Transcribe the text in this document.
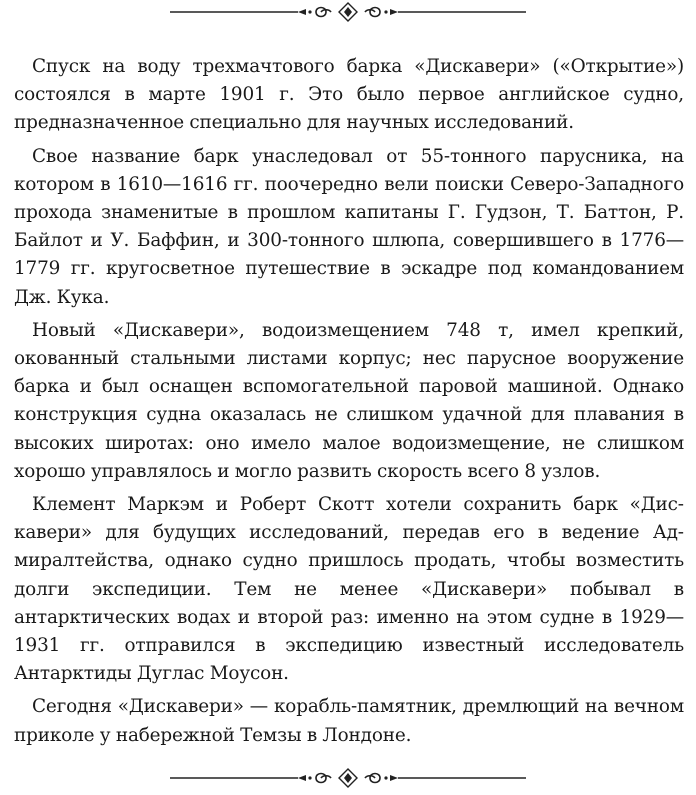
Спуск на воду трехмачтового барка «Дискавери» («Открытие») состоялся в марте 1901 г. Это было первое английское судно, предназначенное специально для научных исследований.

Свое название барк унаследовал от 55-тонного парусника, на котором в 1610—1616 гг. поочередно вели поиски Северо-Западного прохода знаменитые в прошлом капитаны Г. Гудзон, Т. Баттон, Р. Байлот и У. Баффин, и 300-тонного шлюпа, совершившего в 1776—1779 гг. кругосветное путешествие в эскадре под командованием Дж. Кука.

Новый «Дискавери», водоизмещением 748 т, имел крепкий, окованный стальными листами корпус; нес парусное вооружение барка и был оснащен вспомогательной паровой машиной. Однако конструкция судна оказалась не слишком удачной для плавания в высоких широтах: оно имело малое водоизмещение, не слишком хорошо управлялось и могло развить скорость всего 8 узлов.

Клемент Маркэм и Роберт Скотт хотели сохранить барк «Дискавери» для будущих исследований, передав его в ведение Адмиралтейства, однако судно пришлось продать, чтобы возместить долги экспедиции. Тем не менее «Дискавери» побывал в антарктических водах и второй раз: именно на этом судне в 1929—1931 гг. отправился в экспедицию известный исследователь Антарктиды Дуглас Моусон.

Сегодня «Дискавери» — корабль-памятник, дремлющий на вечном приколе у набережной Темзы в Лондоне.
